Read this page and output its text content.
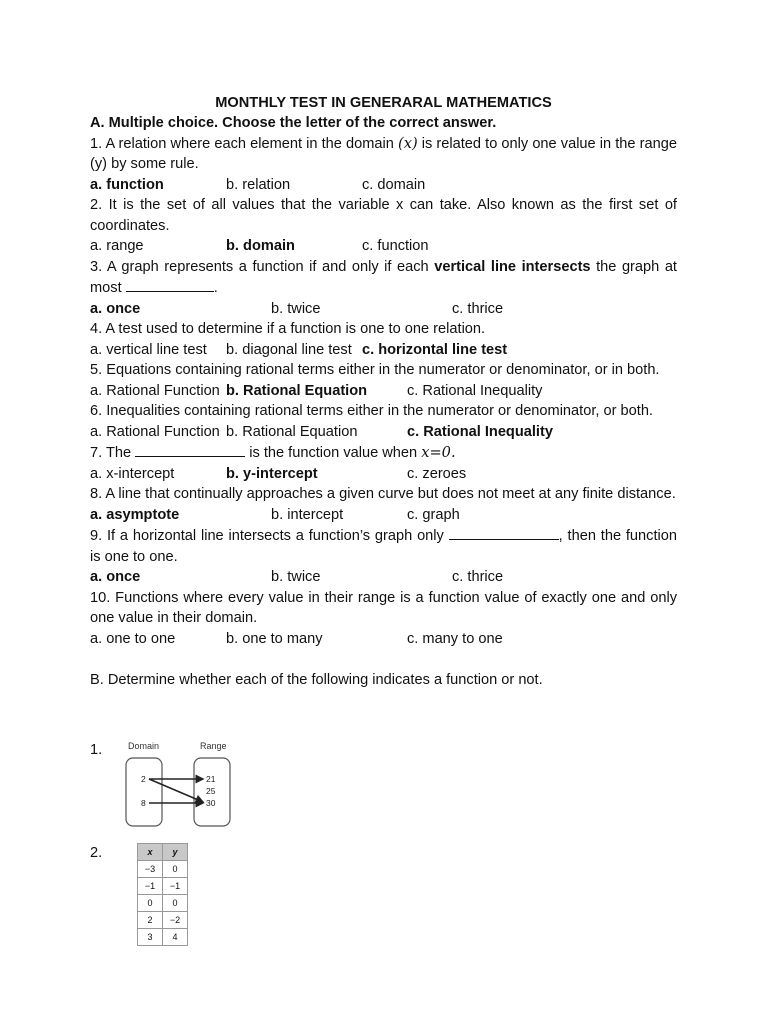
MONTHLY TEST IN GENERARAL MATHEMATICS
A. Multiple choice. Choose the letter of the correct answer.
1. A relation where each element in the domain (x) is related to only one value in the range (y) by some rule.
a. function	b. relation	c. domain
2. It is the set of all values that the variable x can take. Also known as the first set of coordinates.
a. range	b. domain	c. function
3. A graph represents a function if and only if each vertical line intersects the graph at most	.
a. once	b. twice	c. thrice
4. A test used to determine if a function is one to one relation.
a. vertical line test b. diagonal line test c. horizontal line test
5. Equations containing rational terms either in the numerator or denominator, or in both.
a. Rational Function b. Rational Equation	c. Rational Inequality
6. Inequalities containing rational terms either in the numerator or denominator, or both.
a. Rational Function b. Rational Equation	c. Rational Inequality
7. The	is the function value when x=0.
a. x-intercept	b. y-intercept	c. zeroes
8. A line that continually approaches a given curve but does not meet at any finite distance.
a. asymptote	b. intercept	c. graph
9. If a horizontal line intersects a function’s graph only	, then the function is one to one.
a. once	b. twice	c. thrice
10. Functions where every value in their range is a function value of exactly one and only one value in their domain.
a. one to one	b. one to many	c. many to one
B. Determine whether each of the following indicates a function or not.
1.	Domain	Range
2
8
21
25
30
2.	x	y
−3	0
−1	−1
0	0
2	−2
3	4
